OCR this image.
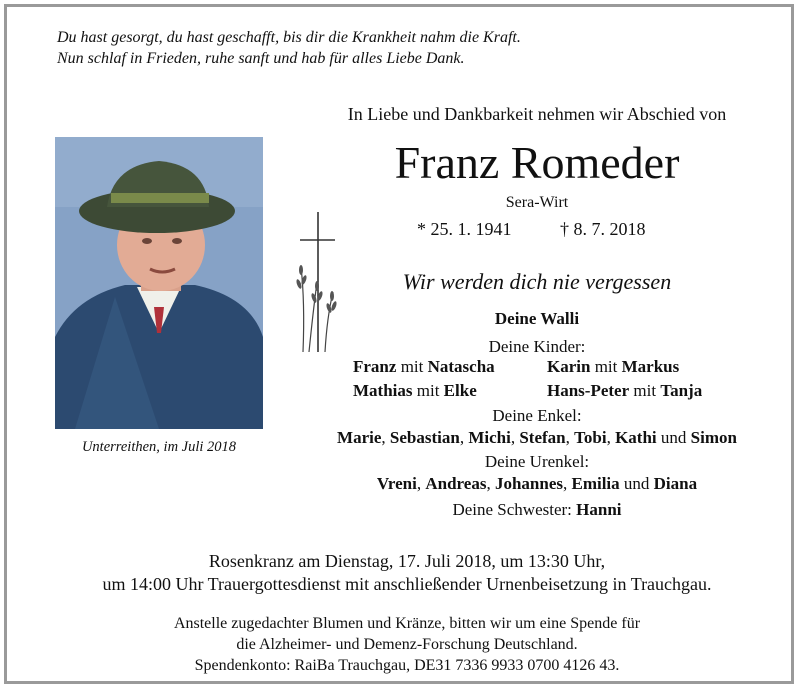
Du hast gesorgt, du hast geschafft, bis dir die Krankheit nahm die Kraft.
Nun schlaf in Frieden, ruhe sanft und hab für alles Liebe Dank.
In Liebe und Dankbarkeit nehmen wir Abschied von
Unterreithen, im Juli 2018
Franz Romeder
Sera-Wirt
* 25. 1. 1941	† 8. 7. 2018
Wir werden dich nie vergessen
Deine Walli
Deine Kinder:
Franz mit Natascha	Karin mit Markus
Mathias mit Elke	Hans-Peter mit Tanja
Deine Enkel:
Marie, Sebastian, Michi, Stefan, Tobi, Kathi und Simon
Deine Urenkel:
Vreni, Andreas, Johannes, Emilia und Diana
Deine Schwester: Hanni
Rosenkranz am Dienstag, 17. Juli 2018, um 13:30 Uhr,
um 14:00 Uhr Trauergottesdienst mit anschließender Urnenbeisetzung in Trauchgau.
Anstelle zugedachter Blumen und Kränze, bitten wir um eine Spende für
die Alzheimer- und Demenz-Forschung Deutschland.
Spendenkonto: RaiBa Trauchgau, DE31 7336 9933 0700 4126 43.
